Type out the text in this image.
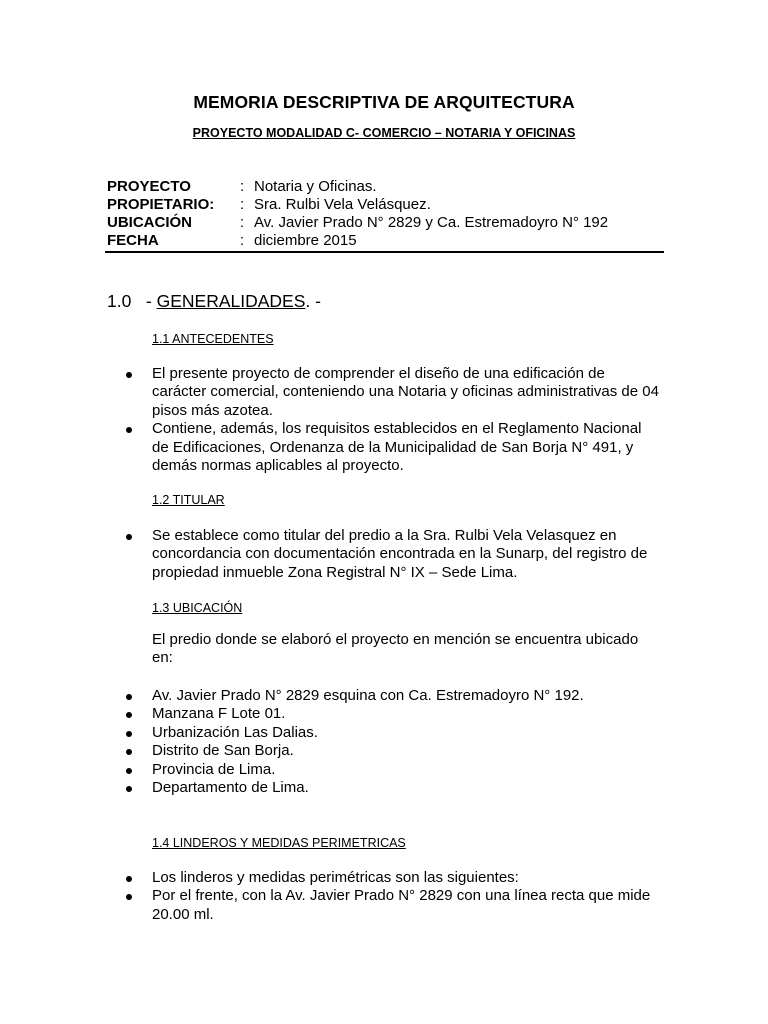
MEMORIA DESCRIPTIVA DE ARQUITECTURA
PROYECTO MODALIDAD C- COMERCIO – NOTARIA Y OFICINAS
PROYECTO	: Notaria y Oficinas.
PROPIETARIO:	: Sra. Rulbi Vela Velásquez.
UBICACIÓN	: Av. Javier Prado N° 2829 y Ca. Estremadoyro N° 192
FECHA	: diciembre 2015
1.0   - GENERALIDADES. -
1.1 ANTECEDENTES
El presente proyecto de comprender el diseño de una edificación de
carácter comercial, conteniendo una Notaria y oficinas administrativas de 04
pisos más azotea.
Contiene, además, los requisitos establecidos en el Reglamento Nacional
de Edificaciones, Ordenanza de la Municipalidad de San Borja N° 491, y
demás normas aplicables al proyecto.
1.2 TITULAR
Se establece como titular del predio a la Sra. Rulbi Vela Velasquez en
concordancia con documentación encontrada en la Sunarp, del registro de
propiedad inmueble Zona Registral N° IX – Sede Lima.
1.3 UBICACIÓN
El predio donde se elaboró el proyecto en mención se encuentra ubicado
en:
Av. Javier Prado N° 2829 esquina con Ca. Estremadoyro N° 192.
Manzana F Lote 01.
Urbanización Las Dalias.
Distrito de San Borja.
Provincia de Lima.
Departamento de Lima.
1.4 LINDEROS Y MEDIDAS PERIMETRICAS
Los linderos y medidas perimétricas son las siguientes:
Por el frente, con la Av. Javier Prado N° 2829 con una línea recta que mide
20.00 ml.
